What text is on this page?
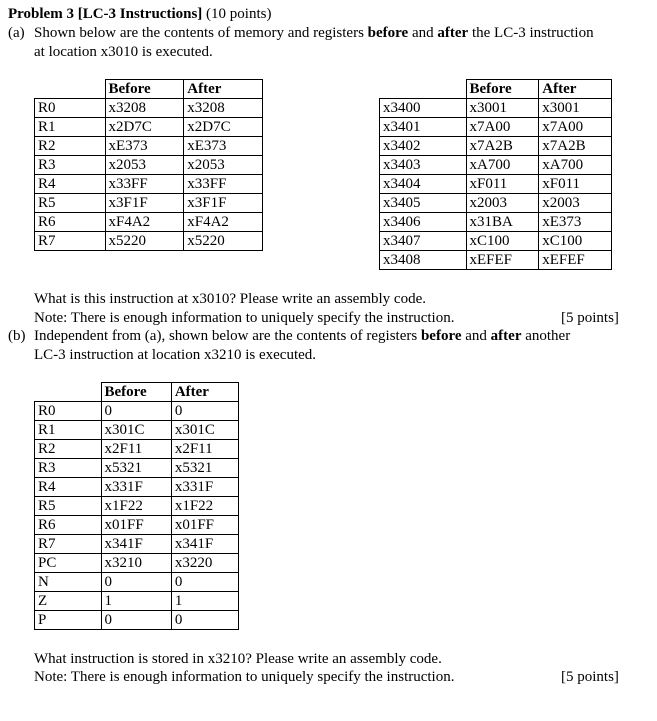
Problem 3 [LC-3 Instructions] (10 points)
(a) Shown below are the contents of memory and registers before and after the LC-3 instruction
at location x3010 is executed.
	Before	After
R0	x3208	x3208
R1	x2D7C	x2D7C
R2	xE373	xE373
R3	x2053	x2053
R4	x33FF	x33FF
R5	x3F1F	x3F1F
R6	xF4A2	xF4A2
R7	x5220	x5220
	Before	After
x3400	x3001	x3001
x3401	x7A00	x7A00
x3402	x7A2B	x7A2B
x3403	xA700	xA700
x3404	xF011	xF011
x3405	x2003	x2003
x3406	x31BA	xE373
x3407	xC100	xC100
x3408	xEFEF	xEFEF
What is this instruction at x3010? Please write an assembly code.
Note: There is enough information to uniquely specify the instruction.	[5 points]
(b) Independent from (a), shown below are the contents of registers before and after another
LC-3 instruction at location x3210 is executed.
	Before	After
R0	0	0
R1	x301C	x301C
R2	x2F11	x2F11
R3	x5321	x5321
R4	x331F	x331F
R5	x1F22	x1F22
R6	x01FF	x01FF
R7	x341F	x341F
PC	x3210	x3220
N	0	0
Z	1	1
P	0	0
What instruction is stored in x3210? Please write an assembly code.
Note: There is enough information to uniquely specify the instruction.	[5 points]
